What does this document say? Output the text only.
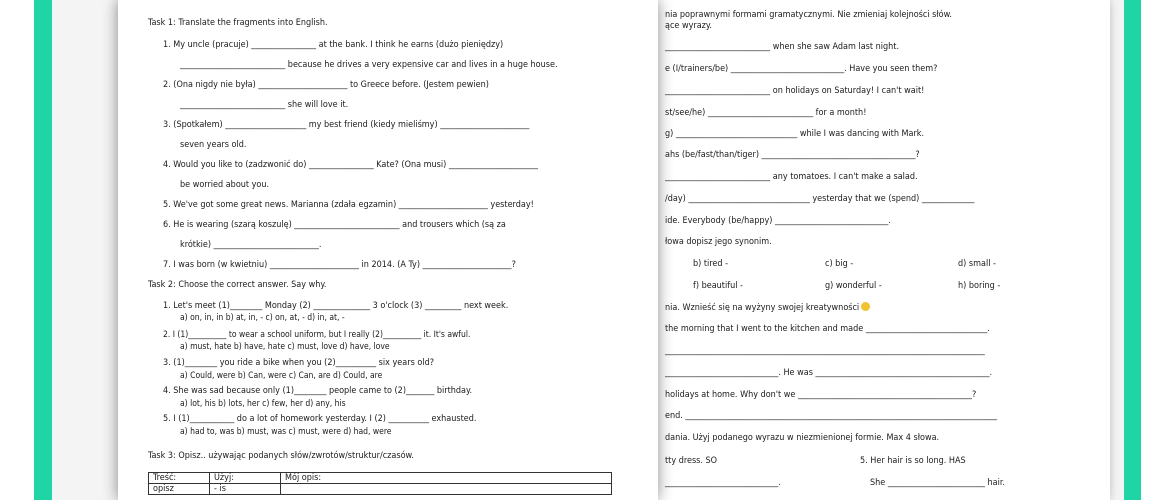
nia poprawnymi formami gramatycznymi. Nie zmieniaj kolejności słów.
ące wyrazy.
__________________________ when she saw Adam last night.
e (I/trainers/be) ____________________________. Have you seen them?
__________________________ on holidays on Saturday! I can't wait!
st/see/he) __________________________ for a month!
g) ______________________________ while I was dancing with Mark.
ahs (be/fast/than/tiger) ______________________________________?
__________________________ any tomatoes. I can't make a salad.
/day) ______________________________ yesterday that we (spend) _____________
ide. Everybody (be/happy) ____________________________.
łowa dopisz jego synonim.
b) tired -	c) big -	d) small -
f) beautiful -	g) wonderful -	h) boring -
nia. Wznieść się na wyżyny swojej kreatywności
the morning that I went to the kitchen and made ______________________________.
_______________________________________________________________________________
____________________________. He was ___________________________________________.
holidays at home. Why don't we ___________________________________________?
end. _____________________________________________________________________________
dania. Użyj podanego wyrazu w niezmienionej formie. Max 4 słowa.
tty dress. SO	5. Her hair is so long. HAS
____________________________.	She ________________________ hair.
Task 1: Translate the fragments into English.
1. My uncle (pracuje) ________________ at the bank. I think he earns (dużo pieniędzy)
__________________________ because he drives a very expensive car and lives in a huge house.
2. (Ona nigdy nie była) ______________________ to Greece before. (Jestem pewien)
__________________________ she will love it.
3. (Spotkałem) ____________________ my best friend (kiedy mieliśmy) ______________________
seven years old.
4. Would you like to (zadzwonić do) ________________ Kate? (Ona musi) ______________________
be worried about you.
5. We've got some great news. Marianna (zdała egzamin) ______________________ yesterday!
6. He is wearing (szarą koszulę) __________________________ and trousers which (są za
krótkie) __________________________.
7. I was born (w kwietniu) ______________________ in 2014. (A Ty) ______________________?
Task 2: Choose the correct answer. Say why.
1. Let's meet (1)________ Monday (2) ______________ 3 o'clock (3) _________ next week.
a) on, in, in b) at, in, - c) on, at, - d) in, at, -
2. I (1)__________ to wear a school uniform, but I really (2)__________ it. It's awful.
a) must, hate b) have, hate c) must, love d) have, love
3. (1)________ you ride a bike when you (2)__________ six years old?
a) Could, were b) Can, were c) Can, are d) Could, are
4. She was sad because only (1)________ people came to (2)_______ birthday.
a) lot, his b) lots, her c) few, her d) any, his
5. I (1)___________ do a lot of homework yesterday. I (2) __________ exhausted.
a) had to, was b) must, was c) must, were d) had, were
Task 3: Opisz.. używając podanych słów/zwrotów/struktur/czasów.
Treść:	Użyj:	Mój opis:
opisz	- is	
